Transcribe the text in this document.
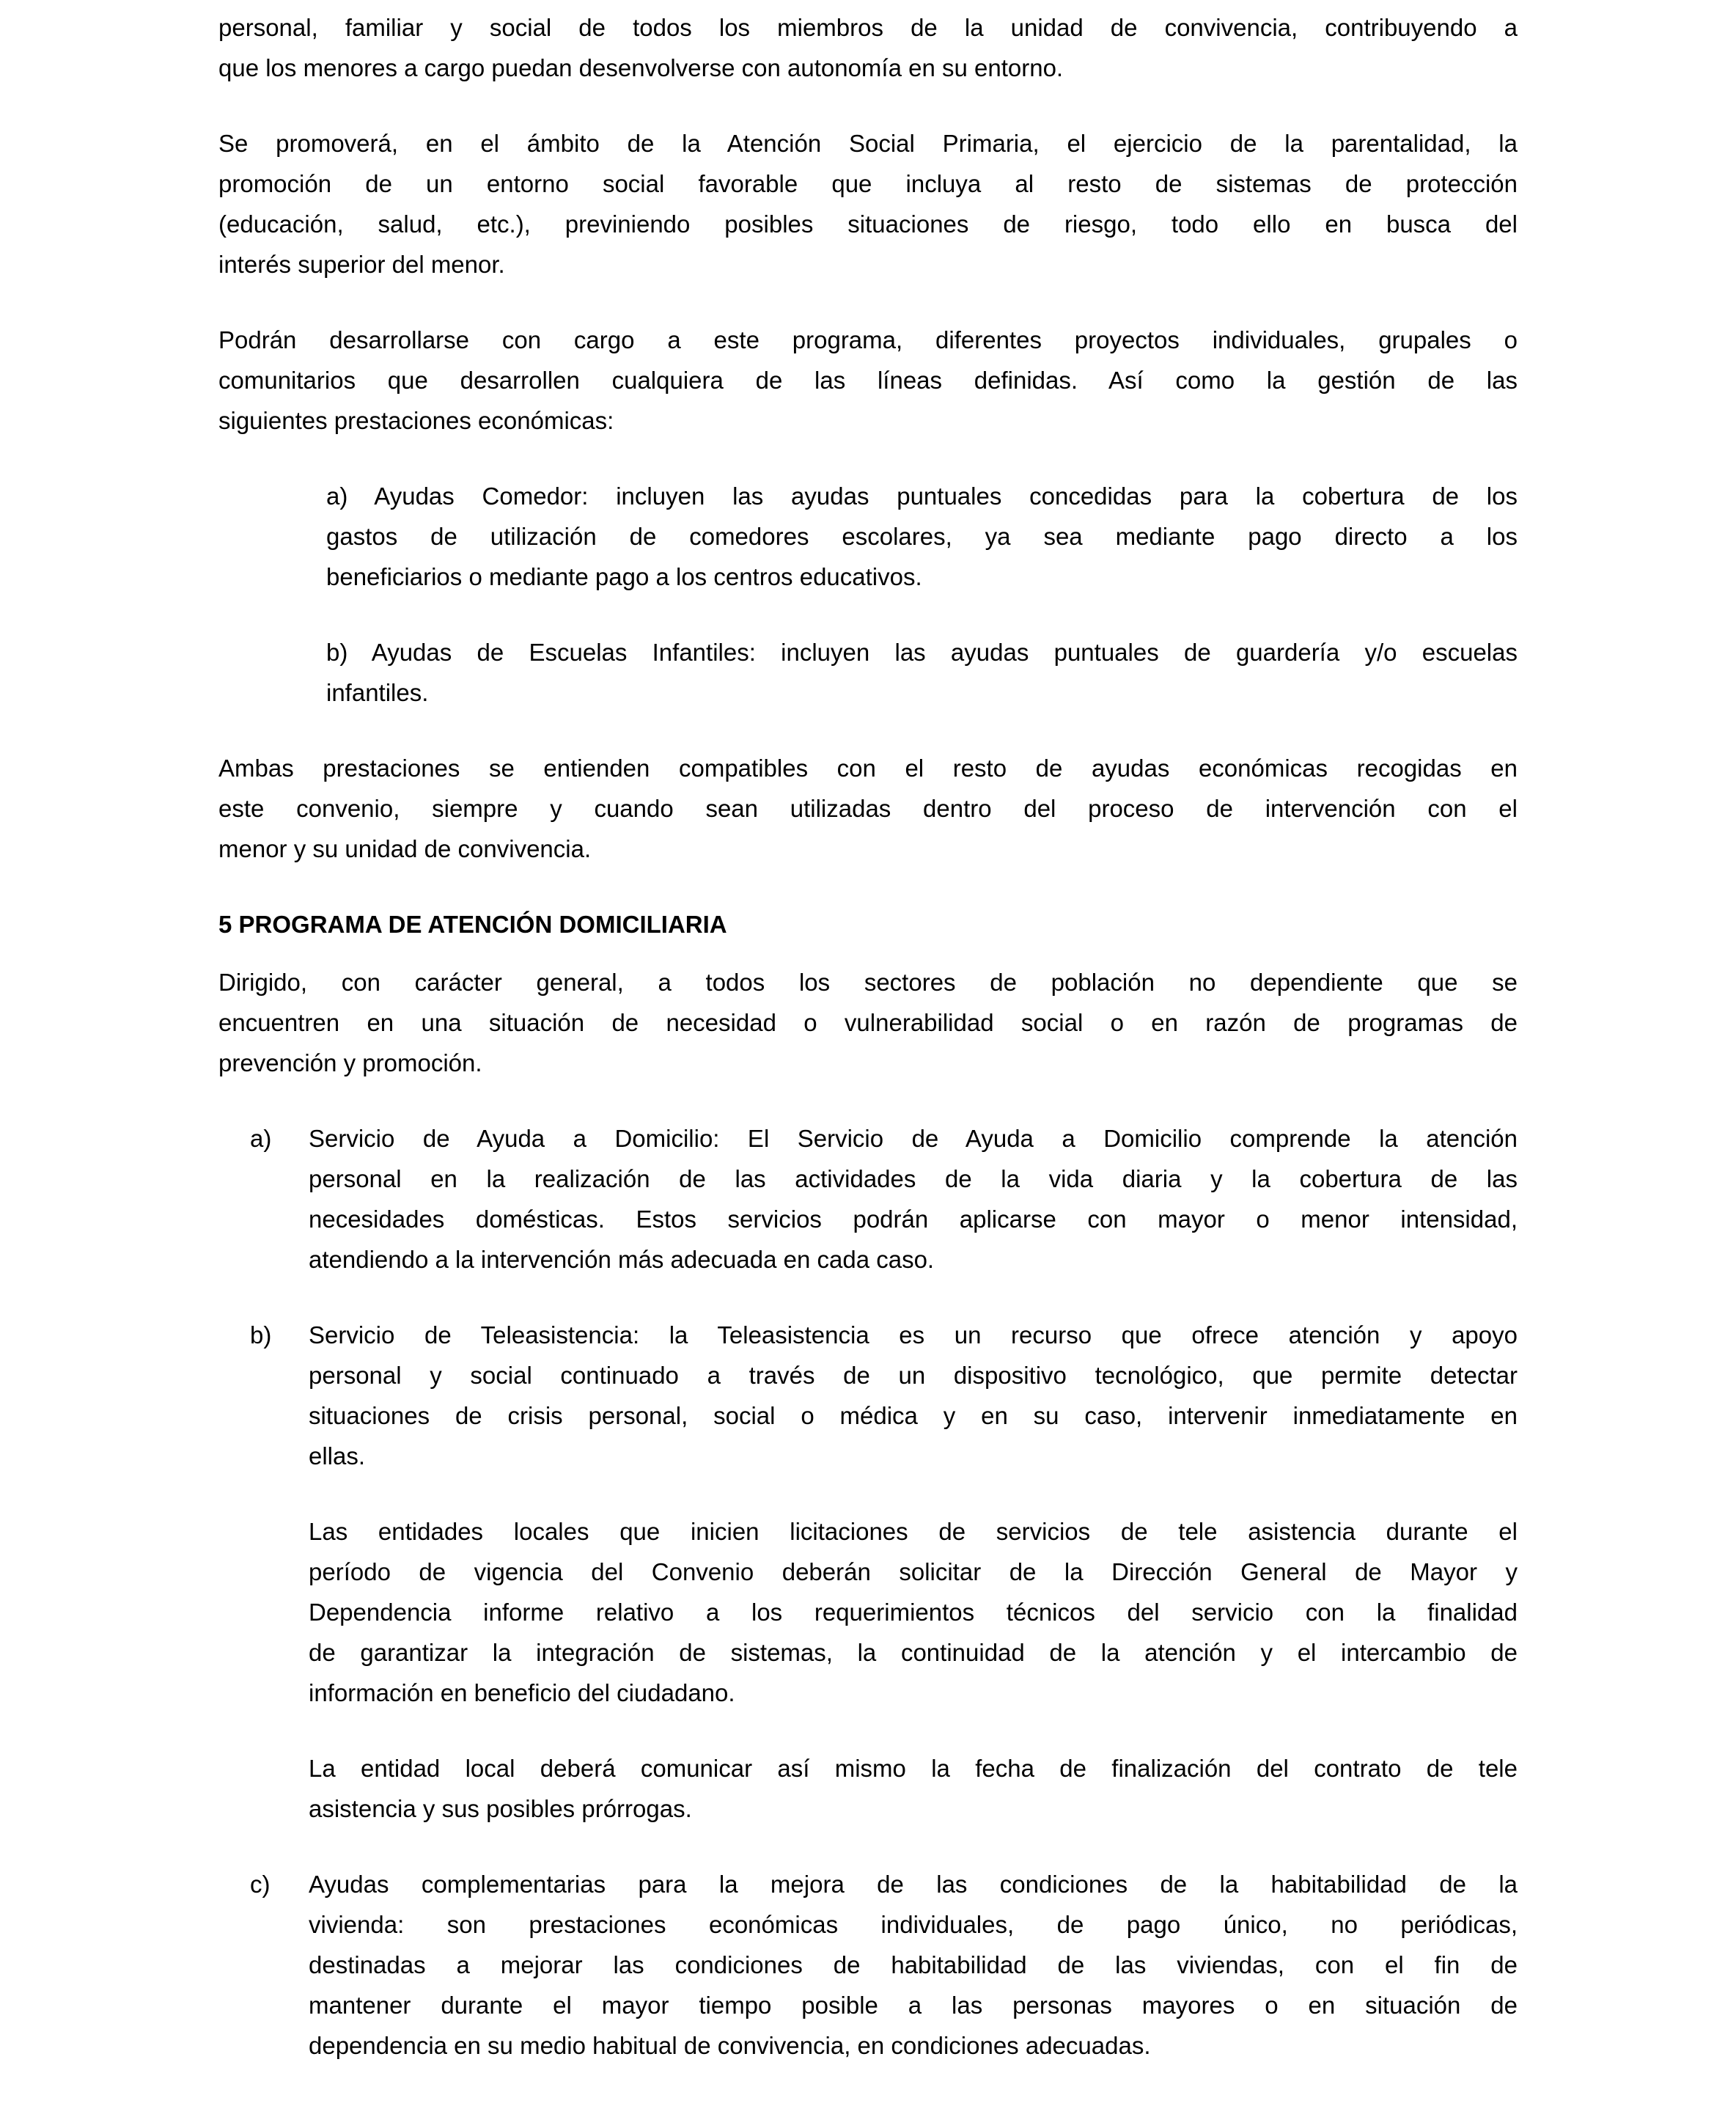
personal, familiar y social de todos los miembros de la unidad de convivencia, contribuyendo a
que los menores a cargo puedan desenvolverse con autonomía en su entorno.
Se promoverá, en el ámbito de la Atención Social Primaria, el ejercicio de la parentalidad, la
promoción de un entorno social favorable que incluya al resto de sistemas de protección
(educación, salud, etc.), previniendo posibles situaciones de riesgo, todo ello en busca del
interés superior del menor.
Podrán desarrollarse con cargo a este programa, diferentes proyectos individuales, grupales o
comunitarios que desarrollen cualquiera de las líneas definidas. Así como la gestión de las
siguientes prestaciones económicas:
a) Ayudas Comedor: incluyen las ayudas puntuales concedidas para la cobertura de los
gastos de utilización de comedores escolares, ya sea mediante pago directo a los
beneficiarios o mediante pago a los centros educativos.
b) Ayudas de Escuelas Infantiles: incluyen las ayudas puntuales de guardería y/o escuelas
infantiles.
Ambas prestaciones se entienden compatibles con el resto de ayudas económicas recogidas en
este convenio, siempre y cuando sean utilizadas dentro del proceso de intervención con el
menor y su unidad de convivencia.
5 PROGRAMA DE ATENCIÓN DOMICILIARIA
Dirigido, con carácter general, a todos los sectores de población no dependiente que se
encuentren en una situación de necesidad o vulnerabilidad social o en razón de programas de
prevención y promoción.
a) Servicio de Ayuda a Domicilio: El Servicio de Ayuda a Domicilio comprende la atención
personal en la realización de las actividades de la vida diaria y la cobertura de las
necesidades domésticas. Estos servicios podrán aplicarse con mayor o menor intensidad,
atendiendo a la intervención más adecuada en cada caso.
b) Servicio de Teleasistencia: la Teleasistencia es un recurso que ofrece atención y apoyo
personal y social continuado a través de un dispositivo tecnológico, que permite detectar
situaciones de crisis personal, social o médica y en su caso, intervenir inmediatamente en
ellas.
Las entidades locales que inicien licitaciones de servicios de tele asistencia durante el
período de vigencia del Convenio deberán solicitar de la Dirección General de Mayor y
Dependencia informe relativo a los requerimientos técnicos del servicio con la finalidad
de garantizar la integración de sistemas, la continuidad de la atención y el intercambio de
información en beneficio del ciudadano.
La entidad local deberá comunicar así mismo la fecha de finalización del contrato de tele
asistencia y sus posibles prórrogas.
c) Ayudas complementarias para la mejora de las condiciones de la habitabilidad de la
vivienda: son prestaciones económicas individuales, de pago único, no periódicas,
destinadas a mejorar las condiciones de habitabilidad de las viviendas, con el fin de
mantener durante el mayor tiempo posible a las personas mayores o en situación de
dependencia en su medio habitual de convivencia, en condiciones adecuadas.
